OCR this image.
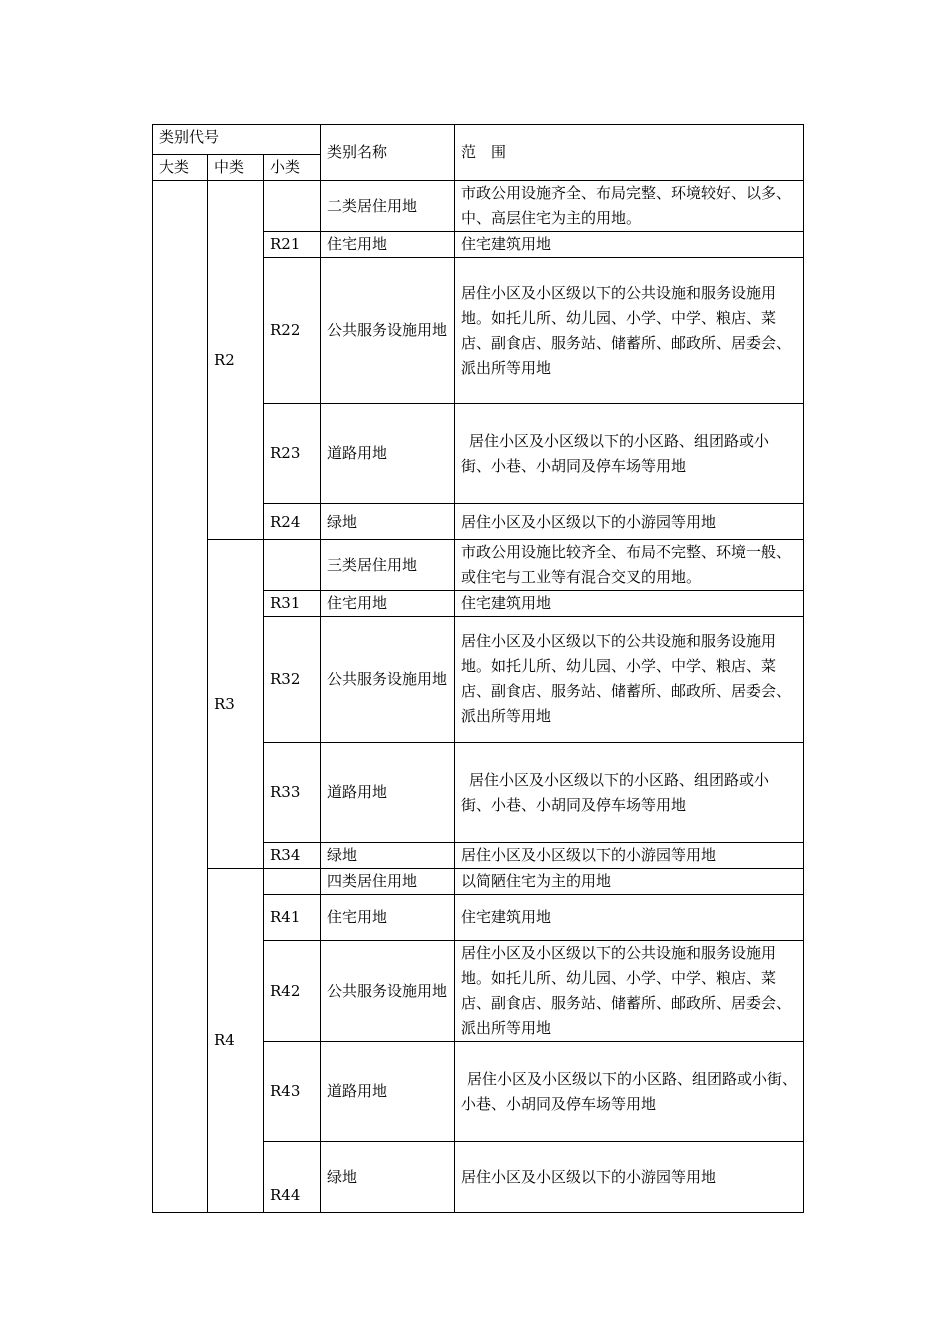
类别代号			类别名称	范　围
大类	中类	小类		
	R2		二类居住用地	市政公用设施齐全、布局完整、环境较好、以多、中、高层住宅为主的用地。
		R21	住宅用地	住宅建筑用地
		R22	公共服务设施用地	居住小区及小区级以下的公共设施和服务设施用地。如托儿所、幼儿园、小学、中学、粮店、菜店、副食店、服务站、储蓄所、邮政所、居委会、派出所等用地
		R23	道路用地	居住小区及小区级以下的小区路、组团路或小街、小巷、小胡同及停车场等用地
		R24	绿地	居住小区及小区级以下的小游园等用地
	R3		三类居住用地	市政公用设施比较齐全、布局不完整、环境一般、或住宅与工业等有混合交叉的用地。
		R31	住宅用地	住宅建筑用地
		R32	公共服务设施用地	居住小区及小区级以下的公共设施和服务设施用地。如托儿所、幼儿园、小学、中学、粮店、菜店、副食店、服务站、储蓄所、邮政所、居委会、派出所等用地
		R33	道路用地	居住小区及小区级以下的小区路、组团路或小街、小巷、小胡同及停车场等用地
		R34	绿地	居住小区及小区级以下的小游园等用地
	R4		四类居住用地	以简陋住宅为主的用地
		R41	住宅用地	住宅建筑用地
		R42	公共服务设施用地	居住小区及小区级以下的公共设施和服务设施用地。如托儿所、幼儿园、小学、中学、粮店、菜店、副食店、服务站、储蓄所、邮政所、居委会、派出所等用地
		R43	道路用地	居住小区及小区级以下的小区路、组团路或小街、小巷、小胡同及停车场等用地
		R44	绿地	居住小区及小区级以下的小游园等用地
